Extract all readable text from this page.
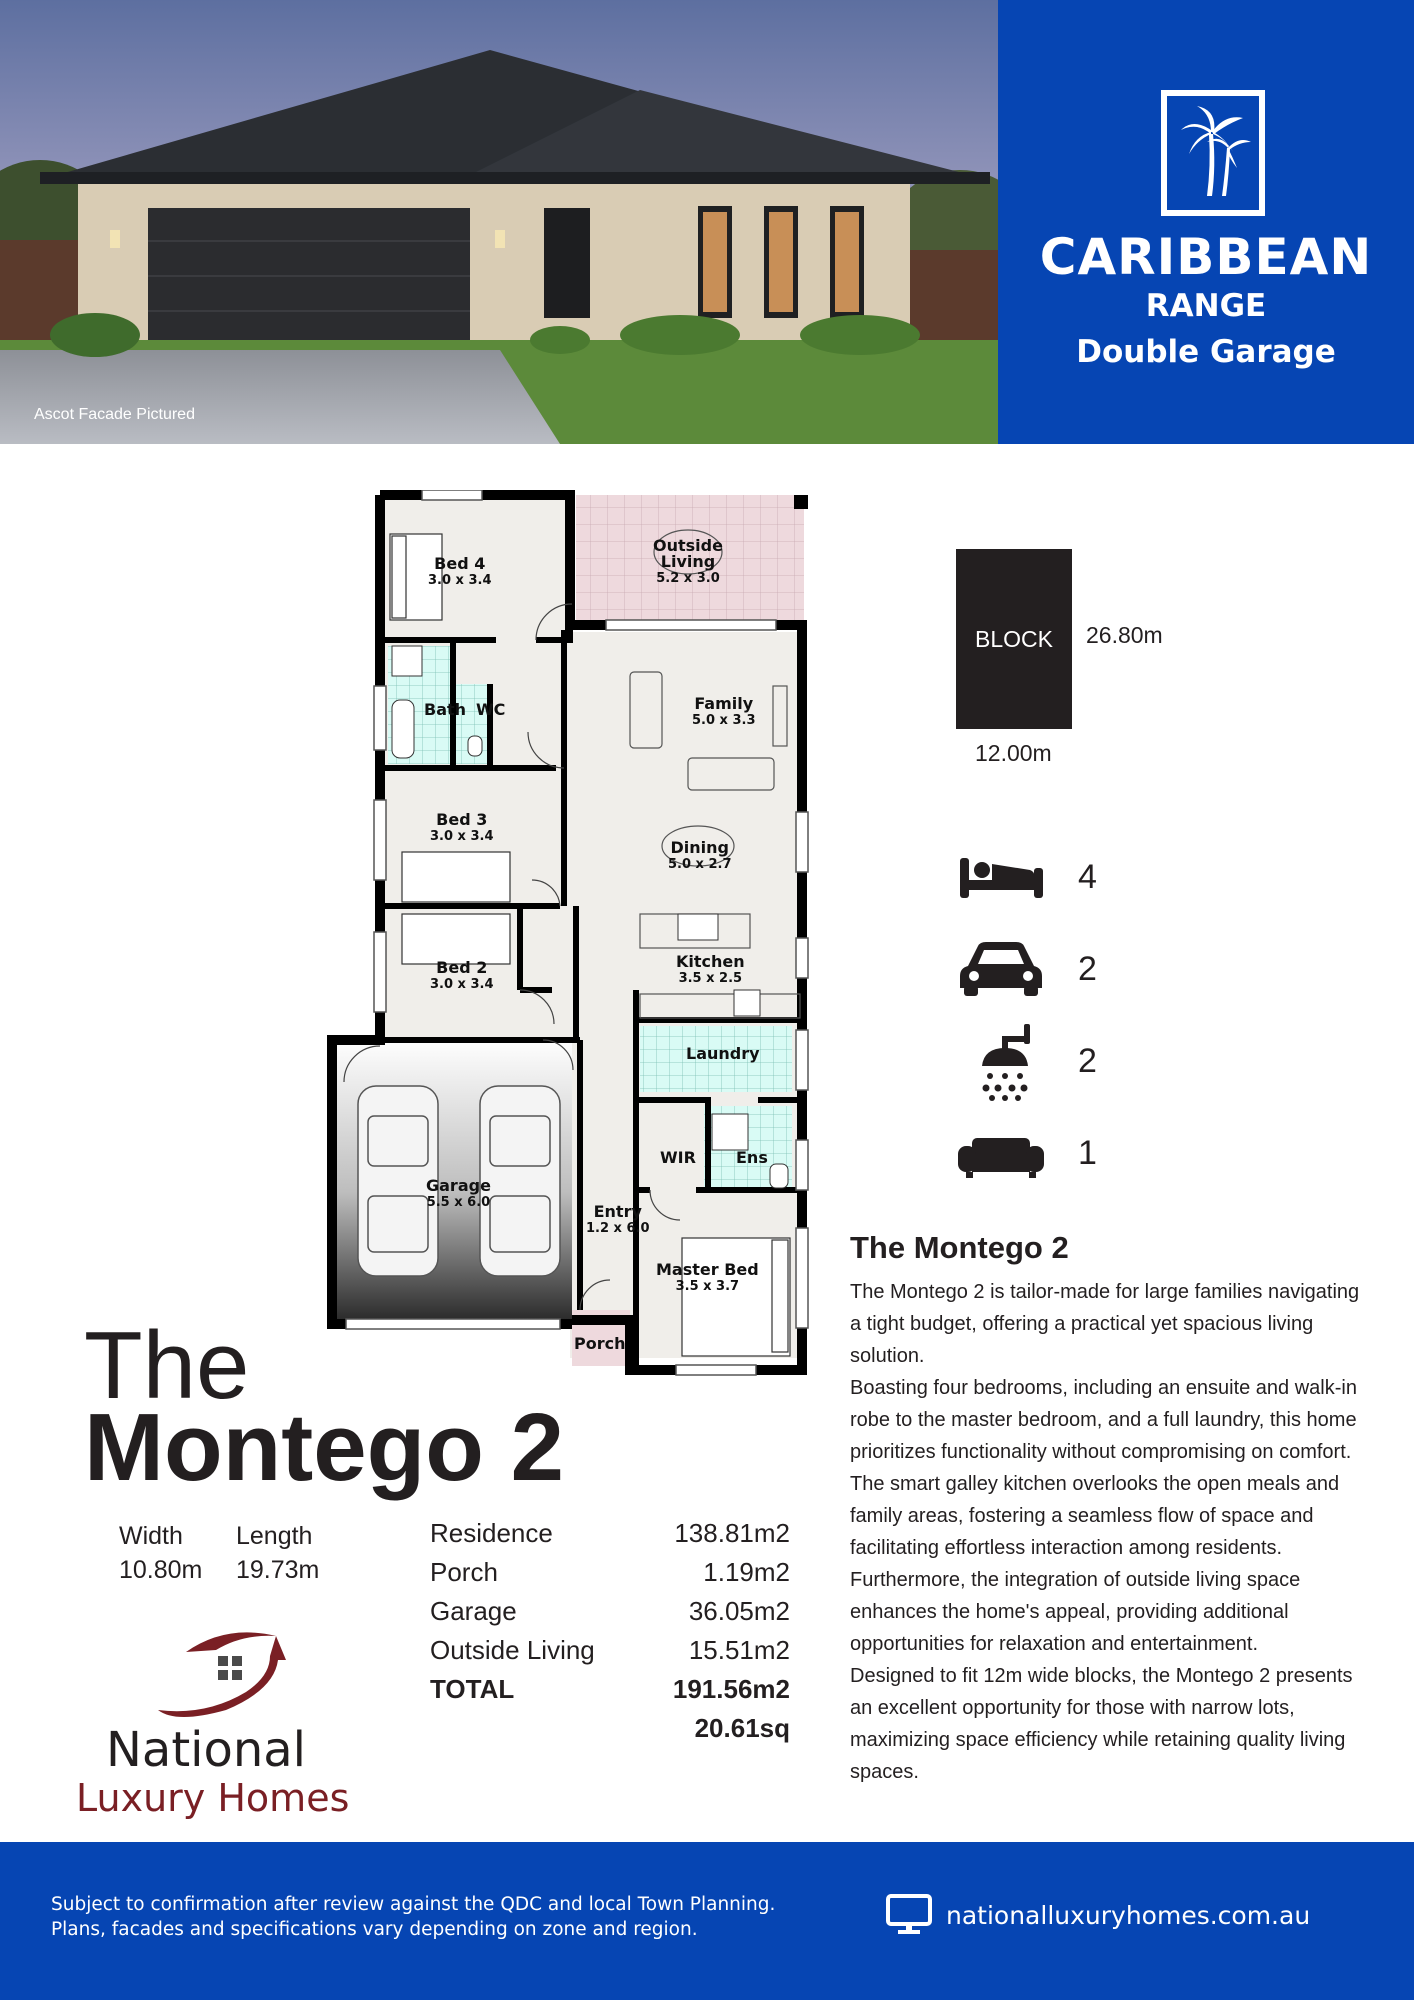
Ascot Facade Pictured
CARIBBEAN
RANGE
Double Garage
Bed 4
3.0 x 3.4
Outside Living
5.2 x 3.0
Bath WC	Family
5.0 x 3.3
Bed 3
3.0 x 3.4
Dining
5.0 x 2.7
Kitchen
3.5 x 2.5
Bed 2
3.0 x 3.4
Laundry
WIR	Ens
Garage
5.5 x 6.0	Entry
1.2 x 6.0
Master Bed
3.5 x 3.7
Porch
BLOCK 26.80m
12.00m
4
2
2
1
The
Montego 2
Width
10.80m
Length
19.73m
Residence	138.81m2
Porch	1.19m2
Garage	36.05m2
Outside Living	15.51m2
TOTAL	191.56m2
20.61sq
The Montego 2

The Montego 2 is tailor-made for large families navigating a tight budget, offering a practical yet spacious living solution.

Boasting four bedrooms, including an ensuite and walk-in robe to the master bedroom, and a full laundry, this home prioritizes functionality without compromising on comfort.

The smart galley kitchen overlooks the open meals and family areas, fostering a seamless flow of space and facilitating effortless interaction among residents. Furthermore, the integration of outside living space enhances the home's appeal, providing additional opportunities for relaxation and entertainment.

Designed to fit 12m wide blocks, the Montego 2 presents an excellent opportunity for those with narrow lots, maximizing space efficiency while retaining quality living spaces.

National
Luxury Homes
Subject to confirmation after review against the QDC and local Town Planning.
Plans, facades and specifications vary depending on zone and region.	nationalluxuryhomes.com.au
